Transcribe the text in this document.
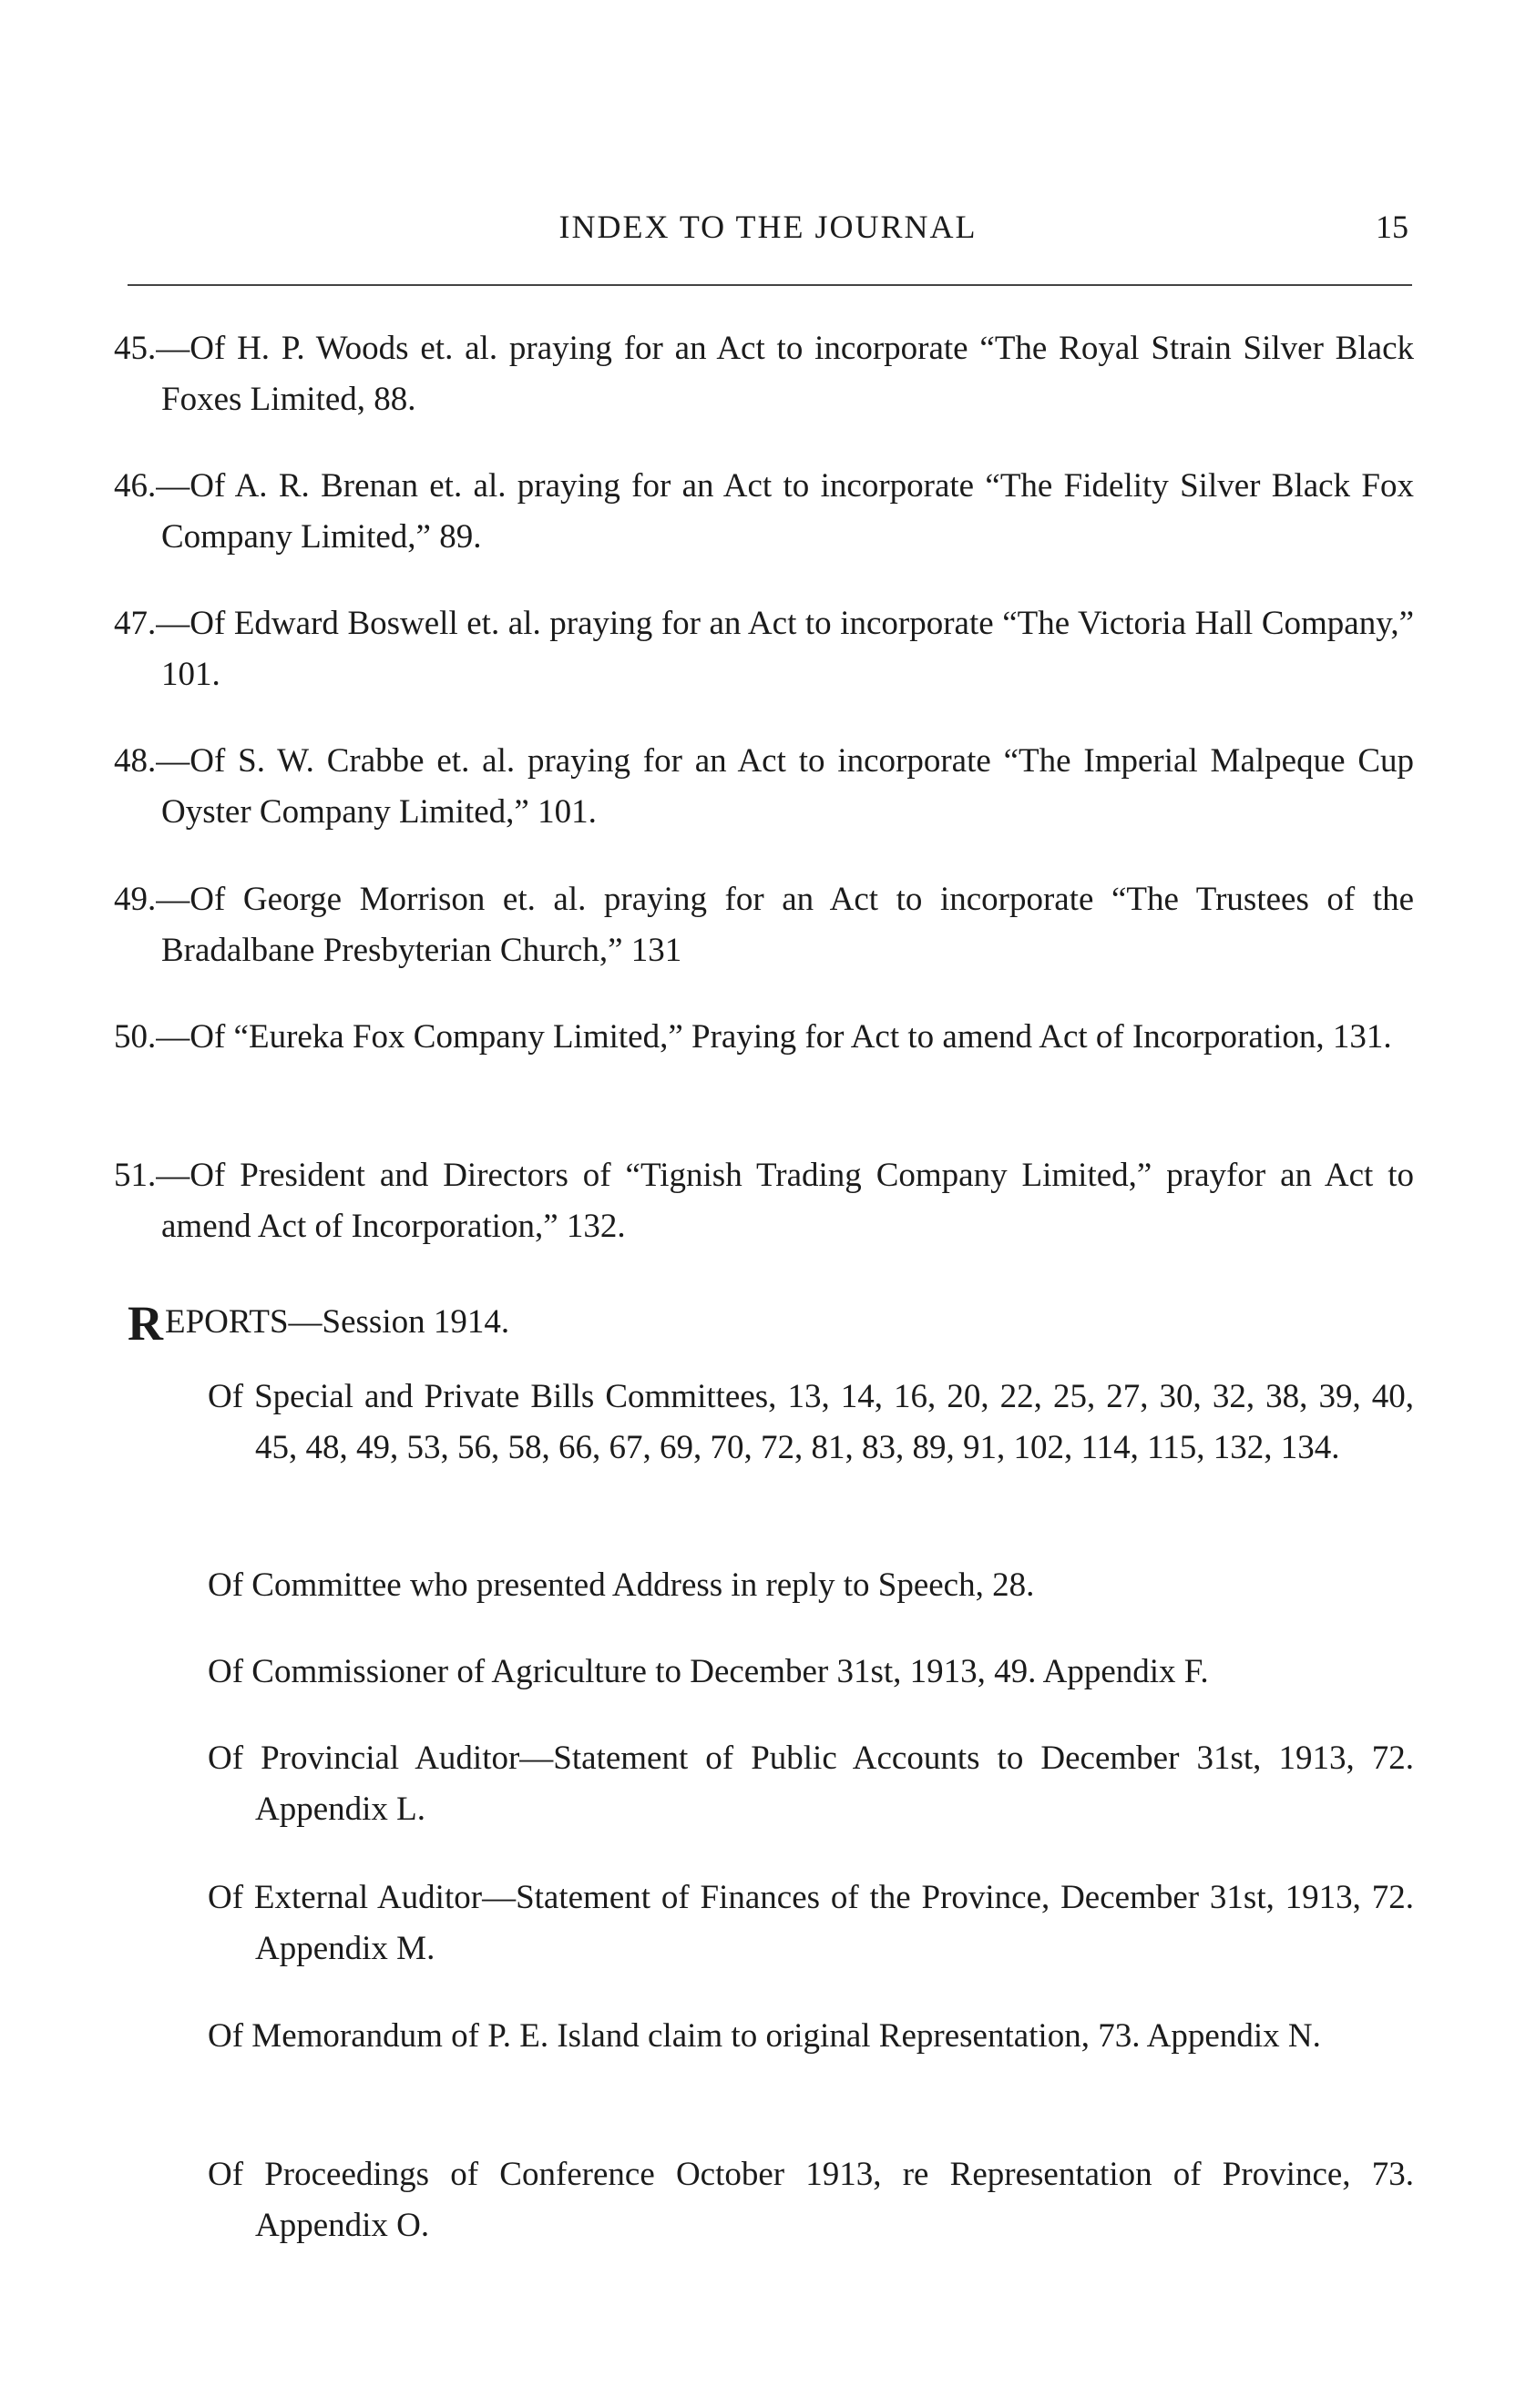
INDEX TO THE JOURNAL	15
45.—Of H. P. Woods et. al. praying for an Act to incorporate “The Royal Strain Silver Black Foxes Limited, 88.
46.—Of A. R. Brenan et. al. praying for an Act to incorporate “The Fidelity Silver Black Fox Company Limited,” 89.
47.—Of Edward Boswell et. al. praying for an Act to incorporate “The Victoria Hall Company,” 101.
48.—Of S. W. Crabbe et. al. praying for an Act to incorporate “The Imperial Malpeque Cup Oyster Company Limited,” 101.
49.—Of George Morrison et. al. praying for an Act to incorporate “The Trustees of the Bradalbane Presbyterian Church,” 131
50.—Of “Eureka Fox Company Limited,” Praying for Act to amend Act of Incorporation, 131.
51.—Of President and Directors of “Tignish Trading Company Limited,” prayfor an Act to amend Act of Incorporation,” 132.
REPORTS—Session 1914.
Of Special and Private Bills Committees, 13, 14, 16, 20, 22, 25, 27, 30, 32, 38, 39, 40, 45, 48, 49, 53, 56, 58, 66, 67, 69, 70, 72, 81, 83, 89, 91, 102, 114, 115, 132, 134.
Of Committee who presented Address in reply to Speech, 28.
Of Commissioner of Agriculture to December 31st, 1913, 49. Appendix F.
Of Provincial Auditor—Statement of Public Accounts to December 31st, 1913, 72. Appendix L.
Of External Auditor—Statement of Finances of the Province, December 31st, 1913, 72. Appendix M.
Of Memorandum of P. E. Island claim to original Representation, 73. Appendix N.
Of Proceedings of Conference October 1913, re Representation of Province, 73. Appendix O.
